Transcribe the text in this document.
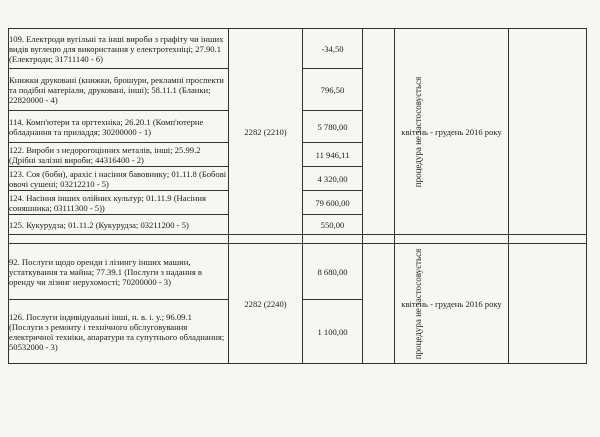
·····················
···················
109. Електроди вугільні та інші вироби з графіту чи інших видів вуглецю для використання у електротехніці; 27.90.1 (Електроди; 31711140 - 6)	2282 (2210)	-34,50	процедура не застосовується	квітень - грудень 2016 року	
Книжки друковані (книжки, брошури, рекламні проспекти та подібні матеріали, друковані, інші); 58.11.1 (Бланки; 22820000 - 4)		796,50			
114. Комп'ютери та оргтехніка; 26.20.1 (Комп'ютерне обладнання та приладдя; 30200000 - 1)		5 780,00			
122. Вироби з недорогоцінних металів, інші; 25.99.2 (Дрібні залізні вироби; 44316400 - 2)		11 946,11			
123. Соя (боби), арахіс і насіння бавовнику; 01.11.8 (Бобові овочі сушені; 03212210 - 5)		4 320,00			
124. Насіння інших олійних культур; 01.11.9 (Насіння соняшника; 03111300 - 5))		79 600,00			
125. Кукурудза; 01.11.2 (Кукурудза; 03211200 - 5)		550,00			

92. Послуги щодо оренди і лізингу інших машин, устаткування та майна; 77.39.1 (Послуги з надання в оренду чи лізинг нерухомості; 70200000 - 3)	2282 (2240)	8 680,00	процедура не застосовується	квітень - грудень 2016 року	
126. Послуги індивідуальні інші, н. в. і. у.; 96.09.1 (Послуги з ремонту і технічного обслуговування електричної техніки, апаратури та супутнього обладнання; 50532000 - 3)		1 100,00			
